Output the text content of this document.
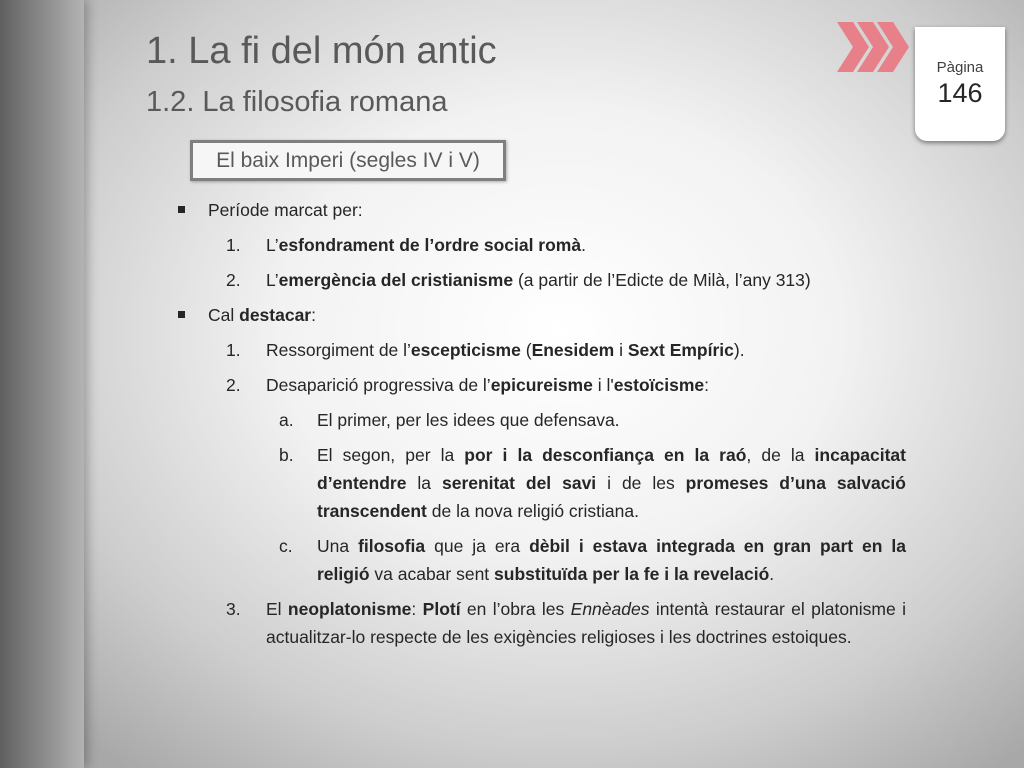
1. La fi del món antic
1.2. La filosofia romana
Pàgina
146
El baix Imperi (segles IV i V)
Període marcat per:
1. L’esfondrament de l’ordre social romà.
2. L’emergència del cristianisme (a partir de l’Edicte de Milà, l’any 313)
Cal destacar:
1. Ressorgiment de l’escepticisme (Enesidem i Sext Empíric).
2. Desaparició progressiva de l’epicureisme i l'estoïcisme:
a. El primer, per les idees que defensava.
b. El segon, per la por i la desconfiança en la raó, de la incapacitat d’entendre la serenitat del savi i de les promeses d’una salvació transcendent de la nova religió cristiana.
c. Una filosofia que ja era dèbil i estava integrada en gran part en la religió va acabar sent substituïda per la fe i la revelació.
3. El neoplatonisme: Plotí en l’obra les Ennèades intentà restaurar el platonisme i actualitzar-lo respecte de les exigències religioses i les doctrines estoiques.
